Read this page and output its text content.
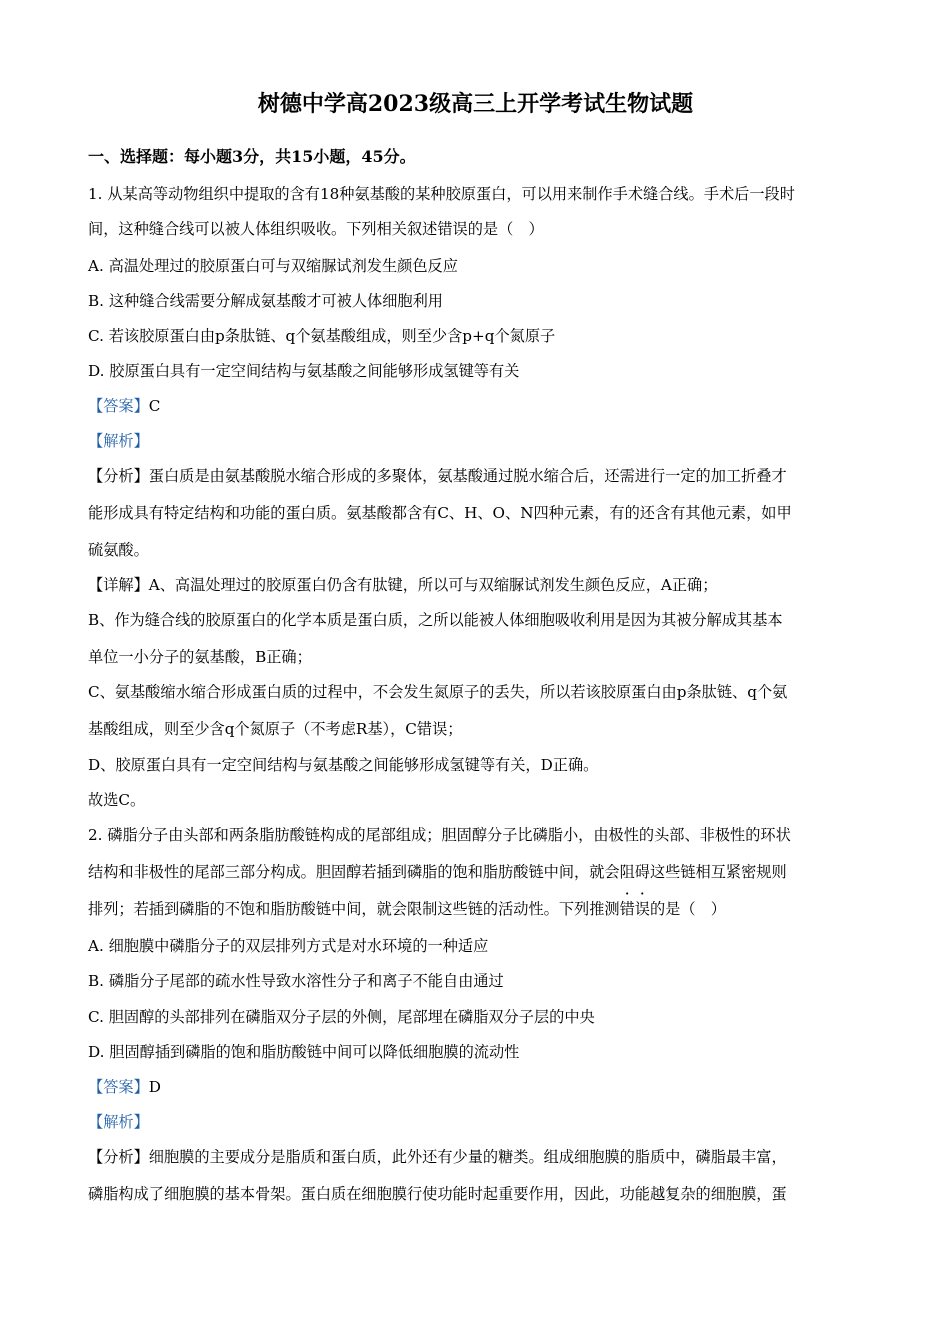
树德中学高2023级高三上开学考试生物试题
一、选择题：每小题3分，共15小题，45分。
1. 从某高等动物组织中提取的含有18种氨基酸的某种胶原蛋白，可以用来制作手术缝合线。手术后一段时
间，这种缝合线可以被人体组织吸收。下列相关叙述错误的是（　）
A. 高温处理过的胶原蛋白可与双缩脲试剂发生颜色反应
B. 这种缝合线需要分解成氨基酸才可被人体细胞利用
C. 若该胶原蛋白由p条肽链、q个氨基酸组成，则至少含p+q个氮原子
D. 胶原蛋白具有一定空间结构与氨基酸之间能够形成氢键等有关
【答案】C
【解析】
【分析】蛋白质是由氨基酸脱水缩合形成的多聚体，氨基酸通过脱水缩合后，还需进行一定的加工折叠才
能形成具有特定结构和功能的蛋白质。氨基酸都含有C、H、O、N四种元素，有的还含有其他元素，如甲
硫氨酸。
【详解】A、高温处理过的胶原蛋白仍含有肽键，所以可与双缩脲试剂发生颜色反应，A正确；
B、作为缝合线的胶原蛋白的化学本质是蛋白质，之所以能被人体细胞吸收利用是因为其被分解成其基本
单位一小分子的氨基酸，B正确；
C、氨基酸缩水缩合形成蛋白质的过程中，不会发生氮原子的丢失，所以若该胶原蛋白由p条肽链、q个氨
基酸组成，则至少含q个氮原子（不考虑R基），C错误；
D、胶原蛋白具有一定空间结构与氨基酸之间能够形成氢键等有关，D正确。
故选C。
2. 磷脂分子由头部和两条脂肪酸链构成的尾部组成；胆固醇分子比磷脂小，由极性的头部、非极性的环状
结构和非极性的尾部三部分构成。胆固醇若插到磷脂的饱和脂肪酸链中间，就会阻碍这些链相互紧密规则
排列；若插到磷脂的不饱和脂肪酸链中间，就会限制这些链的活动性。下列推测错误的是（　）
A. 细胞膜中磷脂分子的双层排列方式是对水环境的一种适应
B. 磷脂分子尾部的疏水性导致水溶性分子和离子不能自由通过
C. 胆固醇的头部排列在磷脂双分子层的外侧，尾部埋在磷脂双分子层的中央
D. 胆固醇插到磷脂的饱和脂肪酸链中间可以降低细胞膜的流动性
【答案】D
【解析】
【分析】细胞膜的主要成分是脂质和蛋白质，此外还有少量的糖类。组成细胞膜的脂质中，磷脂最丰富，
磷脂构成了细胞膜的基本骨架。蛋白质在细胞膜行使功能时起重要作用，因此，功能越复杂的细胞膜，蛋
